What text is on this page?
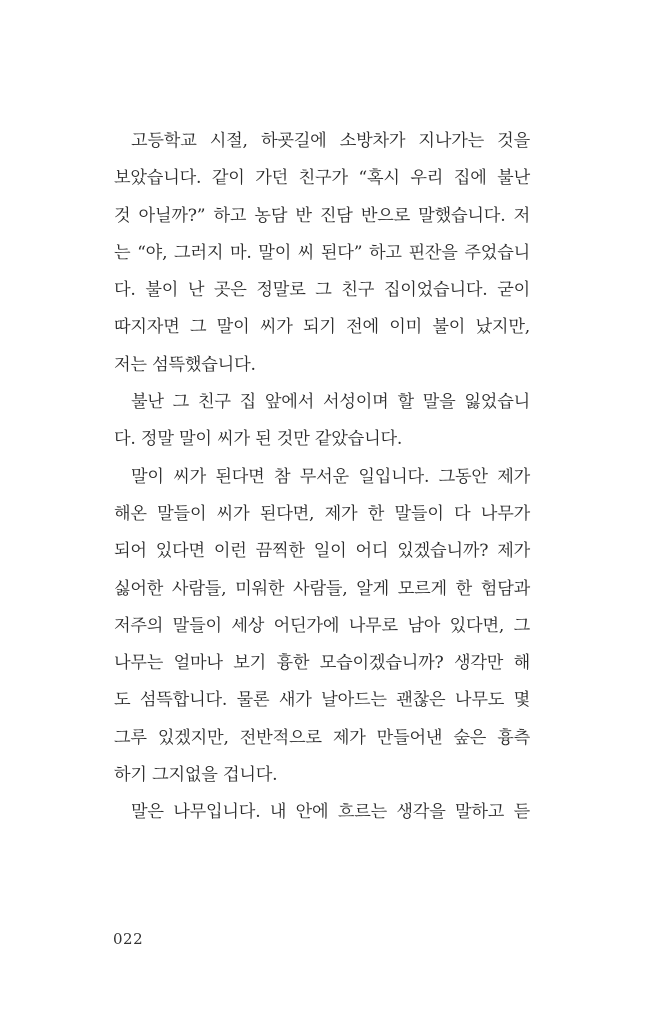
고등학교 시절, 하굣길에 소방차가 지나가는 것을
보았습니다. 같이 가던 친구가 “혹시 우리 집에 불난
것 아닐까?” 하고 농담 반 진담 반으로 말했습니다. 저
는 “야, 그러지 마. 말이 씨 된다” 하고 핀잔을 주었습니
다. 불이 난 곳은 정말로 그 친구 집이었습니다. 굳이
따지자면 그 말이 씨가 되기 전에 이미 불이 났지만,
저는 섬뜩했습니다.
불난 그 친구 집 앞에서 서성이며 할 말을 잃었습니
다. 정말 말이 씨가 된 것만 같았습니다.
말이 씨가 된다면 참 무서운 일입니다. 그동안 제가
해온 말들이 씨가 된다면, 제가 한 말들이 다 나무가
되어 있다면 이런 끔찍한 일이 어디 있겠습니까? 제가
싫어한 사람들, 미워한 사람들, 알게 모르게 한 험담과
저주의 말들이 세상 어딘가에 나무로 남아 있다면, 그
나무는 얼마나 보기 흉한 모습이겠습니까? 생각만 해
도 섬뜩합니다. 물론 새가 날아드는 괜찮은 나무도 몇
그루 있겠지만, 전반적으로 제가 만들어낸 숲은 흉측
하기 그지없을 겁니다.
말은 나무입니다. 내 안에 흐르는 생각을 말하고 듣
022
